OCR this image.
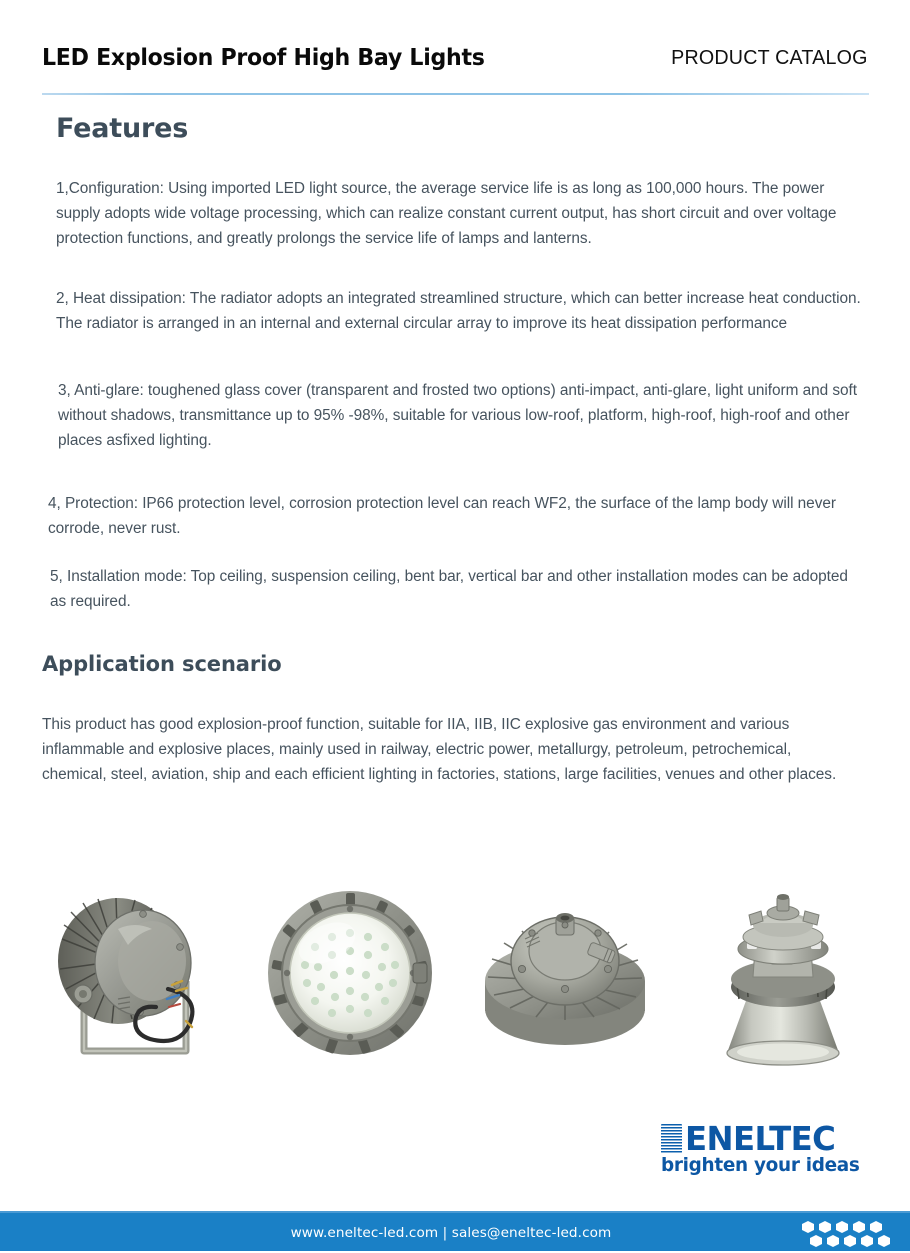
LED Explosion Proof High Bay Lights	PRODUCT CATALOG
Features
1,Configuration: Using imported LED light source, the average service life is as long as 100,000 hours. The power supply adopts wide voltage processing, which can realize constant current output, has short circuit and over voltage protection functions, and greatly prolongs the service life of lamps and lanterns.
2, Heat dissipation: The radiator adopts an integrated streamlined structure, which can better increase heat conduction. The radiator is arranged in an internal and external circular array to improve its heat dissipation performance
3, Anti-glare: toughened glass cover (transparent and frosted two options) anti-impact, anti-glare, light uniform and soft without shadows, transmittance up to 95% -98%, suitable for various low-roof, platform, high-roof, high-roof and other places asfixed lighting.
4, Protection: IP66 protection level, corrosion protection level can reach WF2, the surface of the lamp body will never corrode, never rust.
5, Installation mode: Top ceiling, suspension ceiling, bent bar, vertical bar and other installation modes can be adopted as required.
Application scenario
This product has good explosion-proof function, suitable for IIA, IIB, IIC explosive gas environment and various inflammable and explosive places, mainly used in railway, electric power, metallurgy, petroleum, petrochemical, chemical, steel, aviation, ship and each efficient lighting in factories, stations, large facilities, venues and other places.
ENELTEC
brighten your ideas
www.eneltec-led.com | sales@eneltec-led.com
